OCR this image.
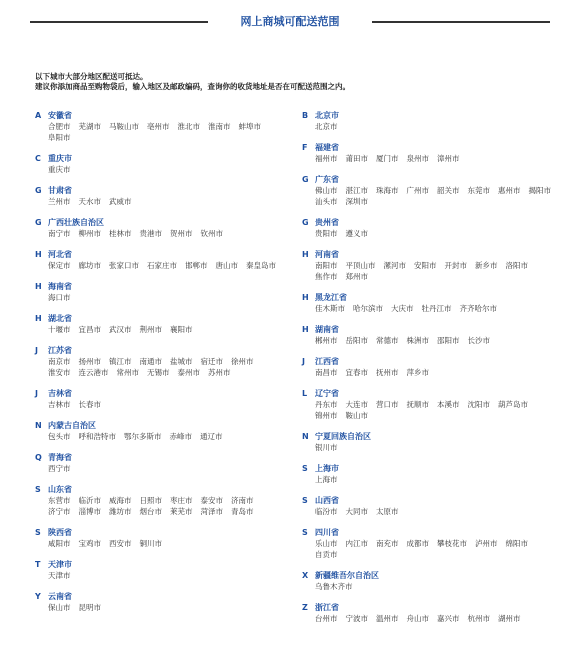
网上商城可配送范围
以下城市大部分地区配送可抵达。
建议你添加商品至购物袋后，输入地区及邮政编码，查询你的收货地址是否在可配送范围之内。
A 安徽省
合肥市 芜湖市 马鞍山市 亳州市 淮北市 淮南市 蚌埠市阜阳市
C 重庆市
重庆市
G 甘肃省
兰州市 天水市 武威市
G 广西壮族自治区
南宁市 柳州市 桂林市 贵港市 贺州市 钦州市
H 河北省
保定市 廊坊市 张家口市 石家庄市 邯郸市 唐山市 秦皇岛市
H 海南省
海口市
H 湖北省
十堰市 宜昌市 武汉市 荆州市 襄阳市
J 江苏省
南京市 扬州市 镇江市 南通市 盐城市 宿迁市 徐州市淮安市 连云港市 常州市 无锡市 泰州市 苏州市
J 吉林省
吉林市 长春市
N 内蒙古自治区
包头市 呼和浩特市 鄂尔多斯市 赤峰市 通辽市
Q 青海省
西宁市
S 山东省
东营市 临沂市 威海市 日照市 枣庄市 泰安市 济南市济宁市 淄博市 潍坊市 烟台市 莱芜市 菏泽市 青岛市
S 陕西省
咸阳市 宝鸡市 西安市 铜川市
T 天津市
天津市
Y 云南省
保山市 昆明市
B 北京市
北京市
F 福建省
福州市 莆田市 厦门市 泉州市 漳州市
G 广东省
佛山市 湛江市 珠海市 广州市 韶关市 东莞市 惠州市 揭阳市汕头市 深圳市
G 贵州省
贵阳市 遵义市
H 河南省
南阳市 平顶山市 漯河市 安阳市 开封市 新乡市 洛阳市焦作市 郑州市
H 黑龙江省
佳木斯市 哈尔滨市 大庆市 牡丹江市 齐齐哈尔市
H 湖南省
郴州市 岳阳市 常德市 株洲市 邵阳市 长沙市
J 江西省
南昌市 宜春市 抚州市 萍乡市
L 辽宁省
丹东市 大连市 营口市 抚顺市 本溪市 沈阳市 葫芦岛市锦州市 鞍山市
N 宁夏回族自治区
银川市
S 上海市
上海市
S 山西省
临汾市 大同市 太原市
S 四川省
乐山市 内江市 南充市 成都市 攀枝花市 泸州市 绵阳市自贡市
X 新疆维吾尔自治区
乌鲁木齐市
Z 浙江省
台州市 宁波市 温州市 舟山市 嘉兴市 杭州市 湖州市
